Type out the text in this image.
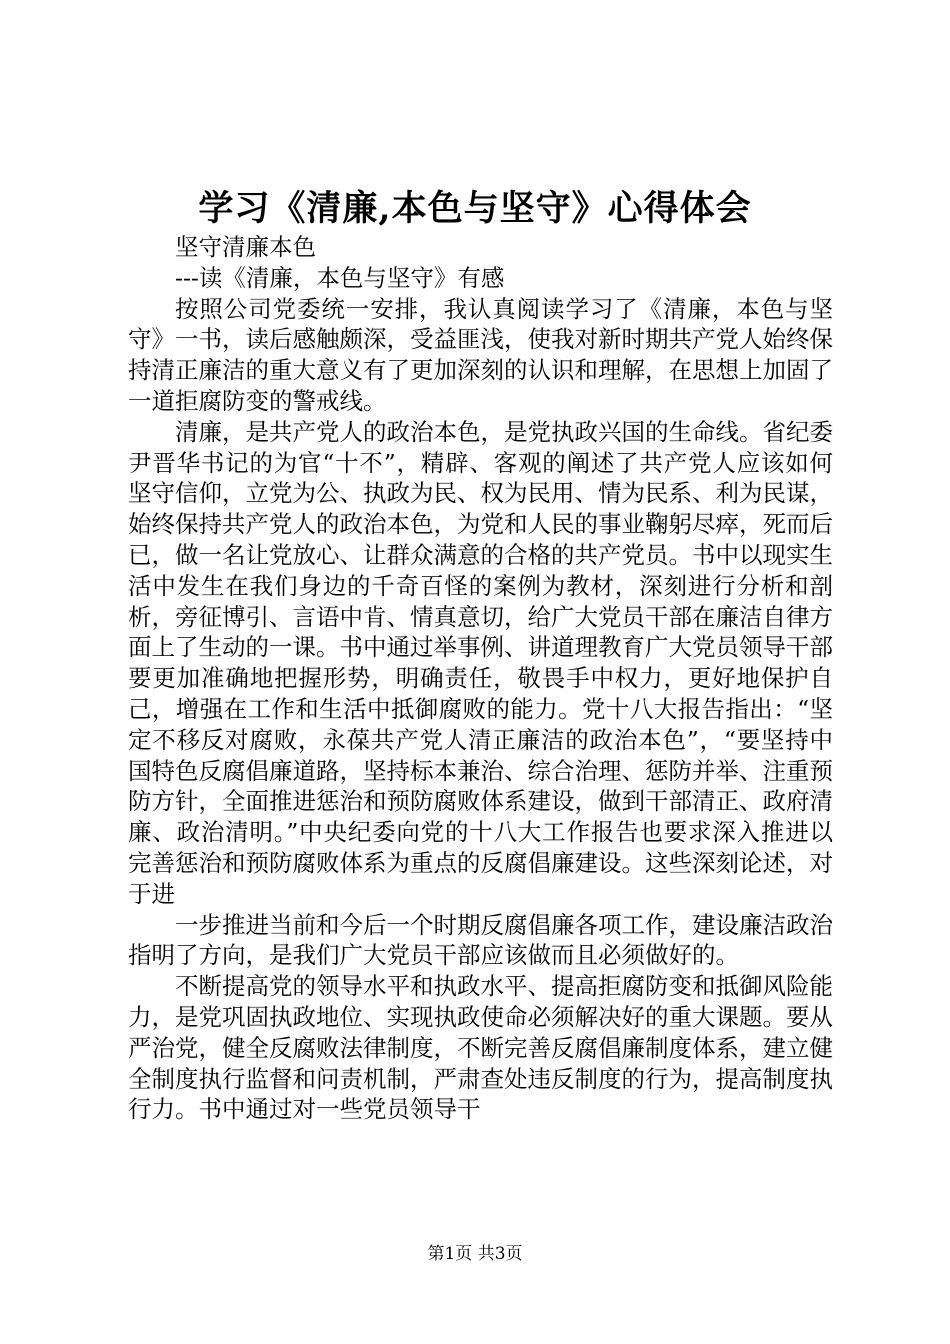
学习《清廉,本色与坚守》心得体会

坚守清廉本色

---读《清廉，本色与坚守》有感

按照公司党委统一安排，我认真阅读学习了《清廉，本色与坚守》一书，读后感触颇深，受益匪浅，使我对新时期共产党人始终保持清正廉洁的重大意义有了更加深刻的认识和理解，在思想上加固了一道拒腐防变的警戒线。

清廉，是共产党人的政治本色，是党执政兴国的生命线。省纪委尹晋华书记的为官“十不”，精辟、客观的阐述了共产党人应该如何坚守信仰，立党为公、执政为民、权为民用、情为民系、利为民谋，始终保持共产党人的政治本色，为党和人民的事业鞠躬尽瘁，死而后已，做一名让党放心、让群众满意的合格的共产党员。书中以现实生活中发生在我们身边的千奇百怪的案例为教材，深刻进行分析和剖析，旁征博引、言语中肯、情真意切，给广大党员干部在廉洁自律方面上了生动的一课。书中通过举事例、讲道理教育广大党员领导干部要更加准确地把握形势，明确责任，敬畏手中权力，更好地保护自己，增强在工作和生活中抵御腐败的能力。党十八大报告指出：“坚定不移反对腐败，永葆共产党人清正廉洁的政治本色”，“要坚持中国特色反腐倡廉道路，坚持标本兼治、综合治理、惩防并举、注重预防方针，全面推进惩治和预防腐败体系建设，做到干部清正、政府清廉、政治清明。”中央纪委向党的十八大工作报告也要求深入推进以完善惩治和预防腐败体系为重点的反腐倡廉建设。这些深刻论述，对于进

一步推进当前和今后一个时期反腐倡廉各项工作，建设廉洁政治指明了方向，是我们广大党员干部应该做而且必须做好的。

不断提高党的领导水平和执政水平、提高拒腐防变和抵御风险能力，是党巩固执政地位、实现执政使命必须解决好的重大课题。要从严治党，健全反腐败法律制度，不断完善反腐倡廉制度体系，建立健全制度执行监督和问责机制，严肃查处违反制度的行为，提高制度执行力。书中通过对一些党员领导干

第1页 共3页
